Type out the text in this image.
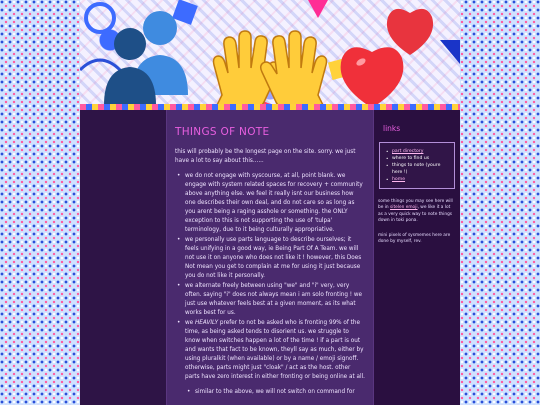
THINGS OF NOTE
this will probably be the longest page on the site. sorry. we just have a lot to say about this......
• we do not engage with syscourse, at all, point blank. we engage with system related spaces for recovery + community above anything else. we feel it really isnt our business how one describes their own deal, and do not care so as long as you arent being a raging asshole or something. the ONLY exception to this is not supporting the use of 'tulpa' terminology, due to it being culturally appropriative.
• we personally use parts language to describe ourselves; it feels unifying in a good way, ie Being Part Of A Team. we will not use it on anyone who does not like it ! however, this Does Not mean you get to complain at me for using it just because you do not like it personally.
• we alternate freely between using "we" and "i" very, very often. saying "i" does not always mean i am solo fronting ! we just use whatever feels best at a given moment, as its what works best for us.
• we HEAVILY prefer to not be asked who is fronting 99% of the time, as being asked tends to disorient us. we struggle to know when switches happen a lot of the time ! if a part is out and wants that fact to be known, theyll say as much, either by using pluralkit (when available) or by a name / emoji signoff. otherwise, parts might just "cloak" / act as the host. other parts have zero interest in either fronting or being online at all.
• similar to the above, we will not switch on command for
links
• part directory
• where to find us
• things to note (youre here !)
• home
some things you may see here will be in sitelen emoji, we like it a lot as a very quick way to note things down in toki pona.
mini pixels of sysmemes here are done by myself, rev.
